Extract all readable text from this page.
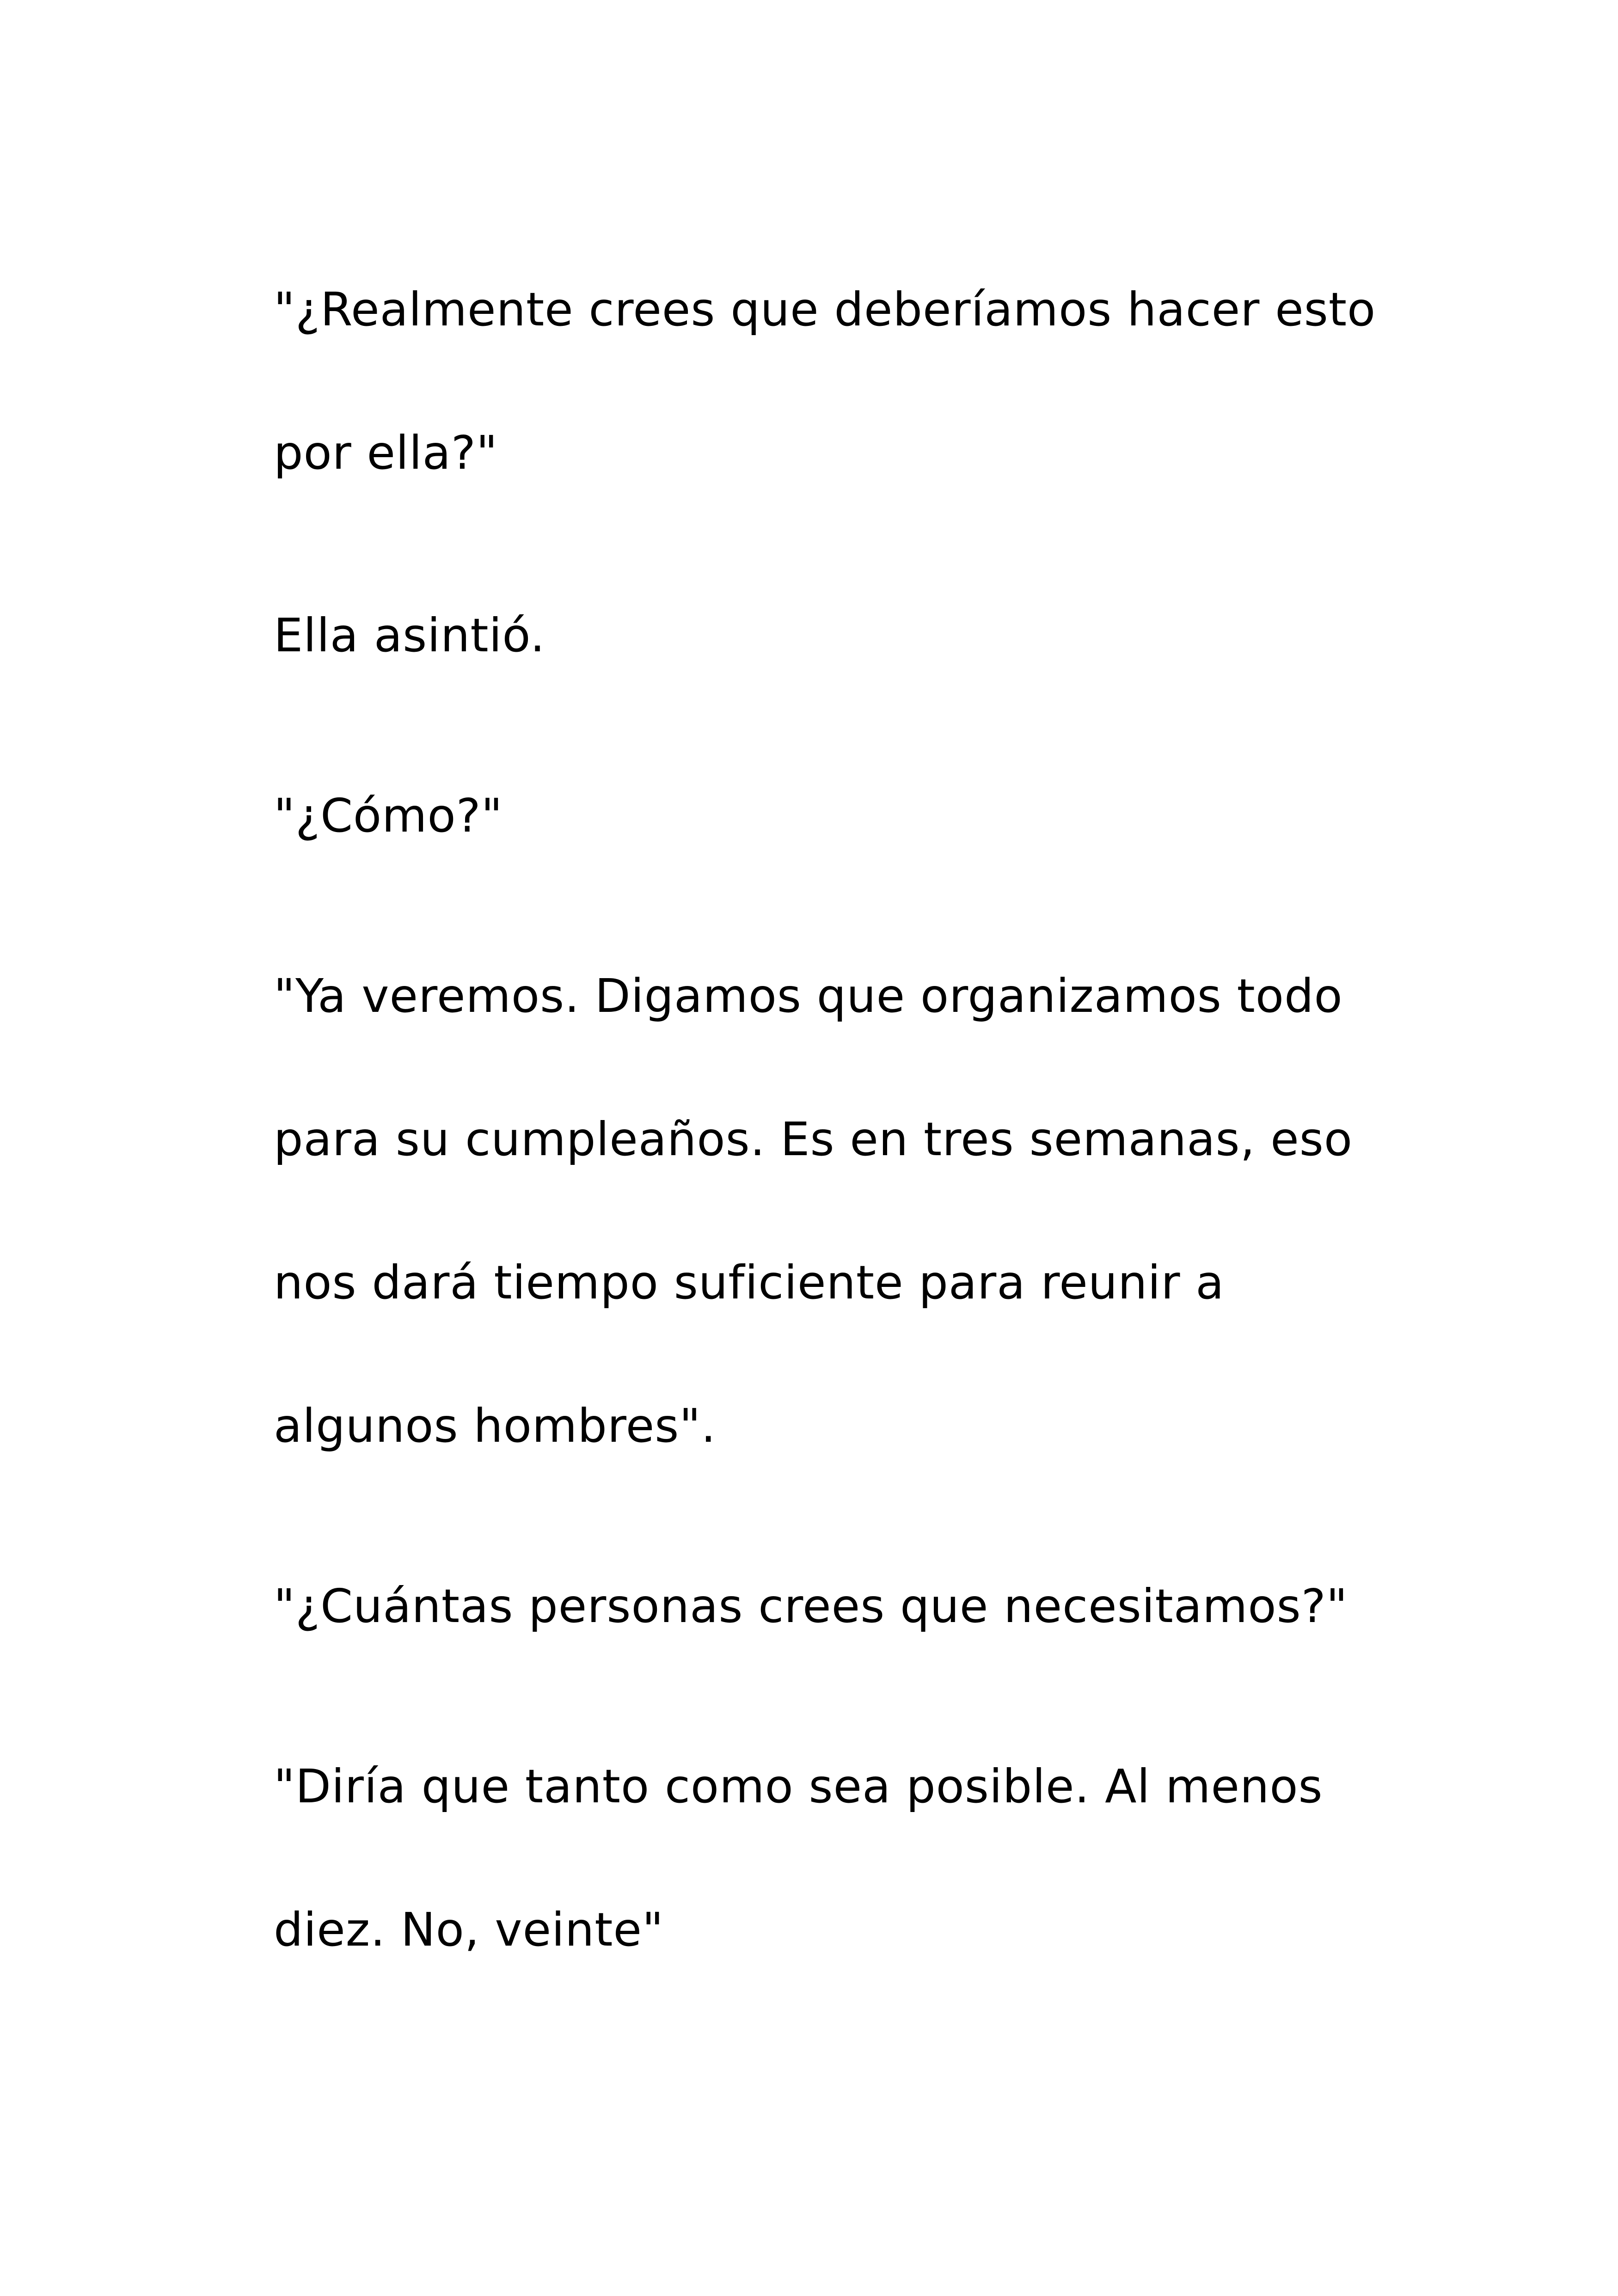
"¿Realmente crees que deberíamos hacer esto

por ella?"

Ella asintió.

"¿Cómo?"

"Ya veremos. Digamos que organizamos todo

para su cumpleaños. Es en tres semanas, eso

nos dará tiempo suficiente para reunir a

algunos hombres".

"¿Cuántas personas crees que necesitamos?"

"Diría que tanto como sea posible. Al menos

diez. No, veinte"
